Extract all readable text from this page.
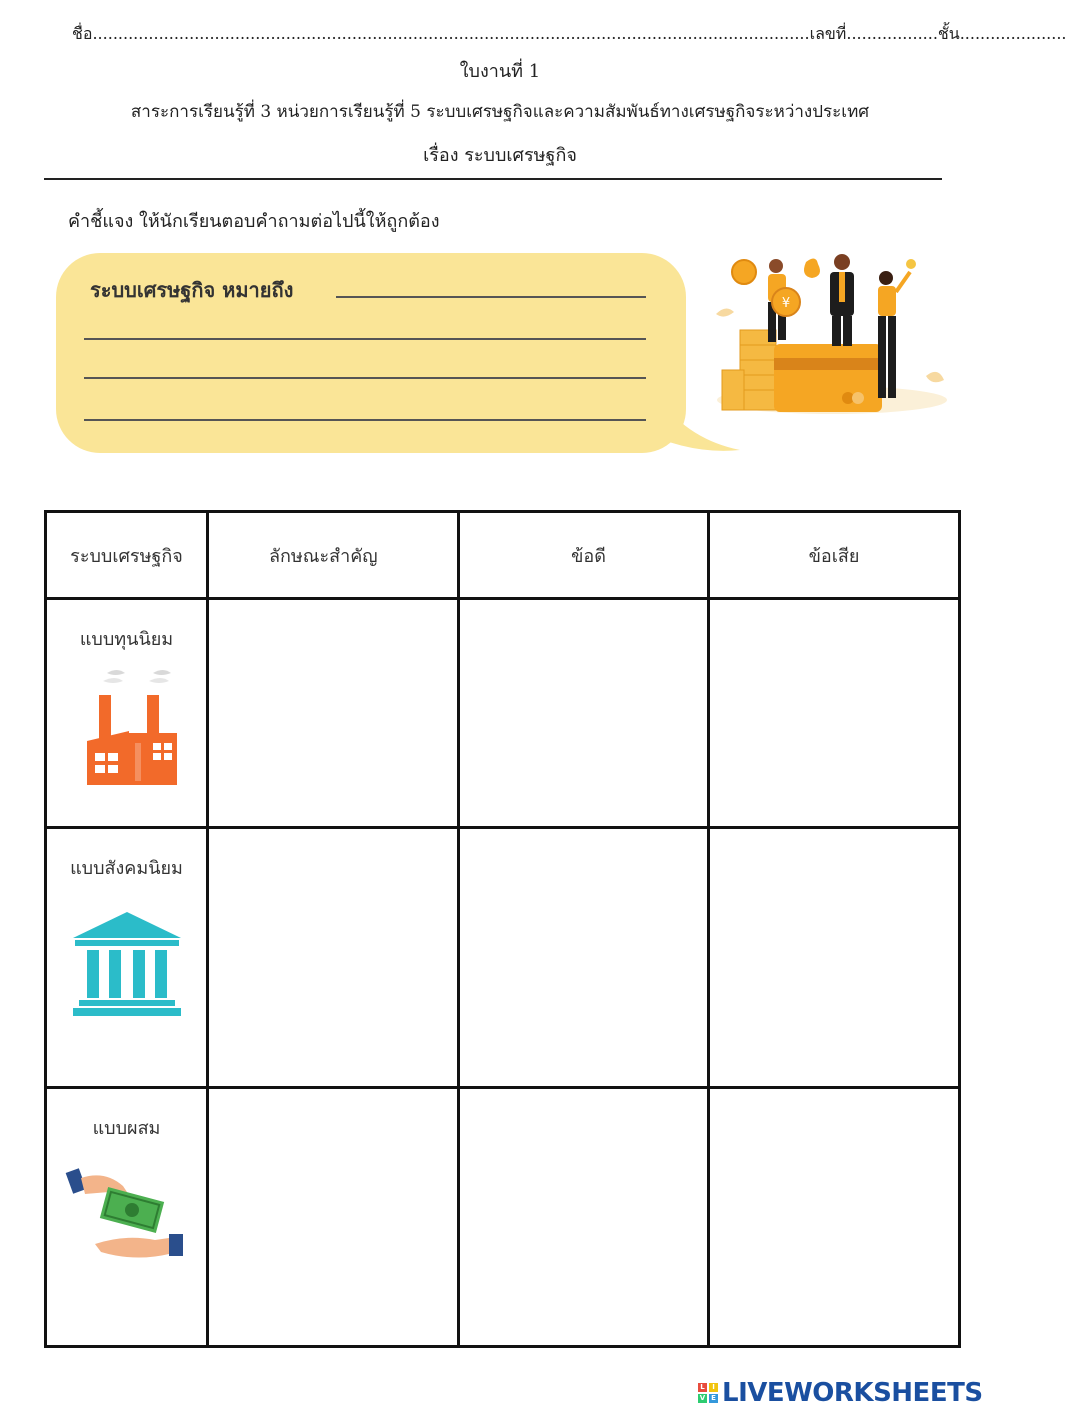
ชื่อ.............................................................................................................................................เลขที่..................ชั้น.....................
ใบงานที่ 1
สาระการเรียนรู้ที่ 3 หน่วยการเรียนรู้ที่ 5 ระบบเศรษฐกิจและความสัมพันธ์ทางเศรษฐกิจระหว่างประเทศ
เรื่อง ระบบเศรษฐกิจ
คำชี้แจง ให้นักเรียนตอบคำถามต่อไปนี้ให้ถูกต้อง
ระบบเศรษฐกิจ หมายถึง
¥
ระบบเศรษฐกิจ	ลักษณะสำคัญ	ข้อดี	ข้อเสีย

แบบทุนนิยม			

แบบสังคมนิยม			

แบบผสม			

L	I
V E LIVEWORKSHEETS
